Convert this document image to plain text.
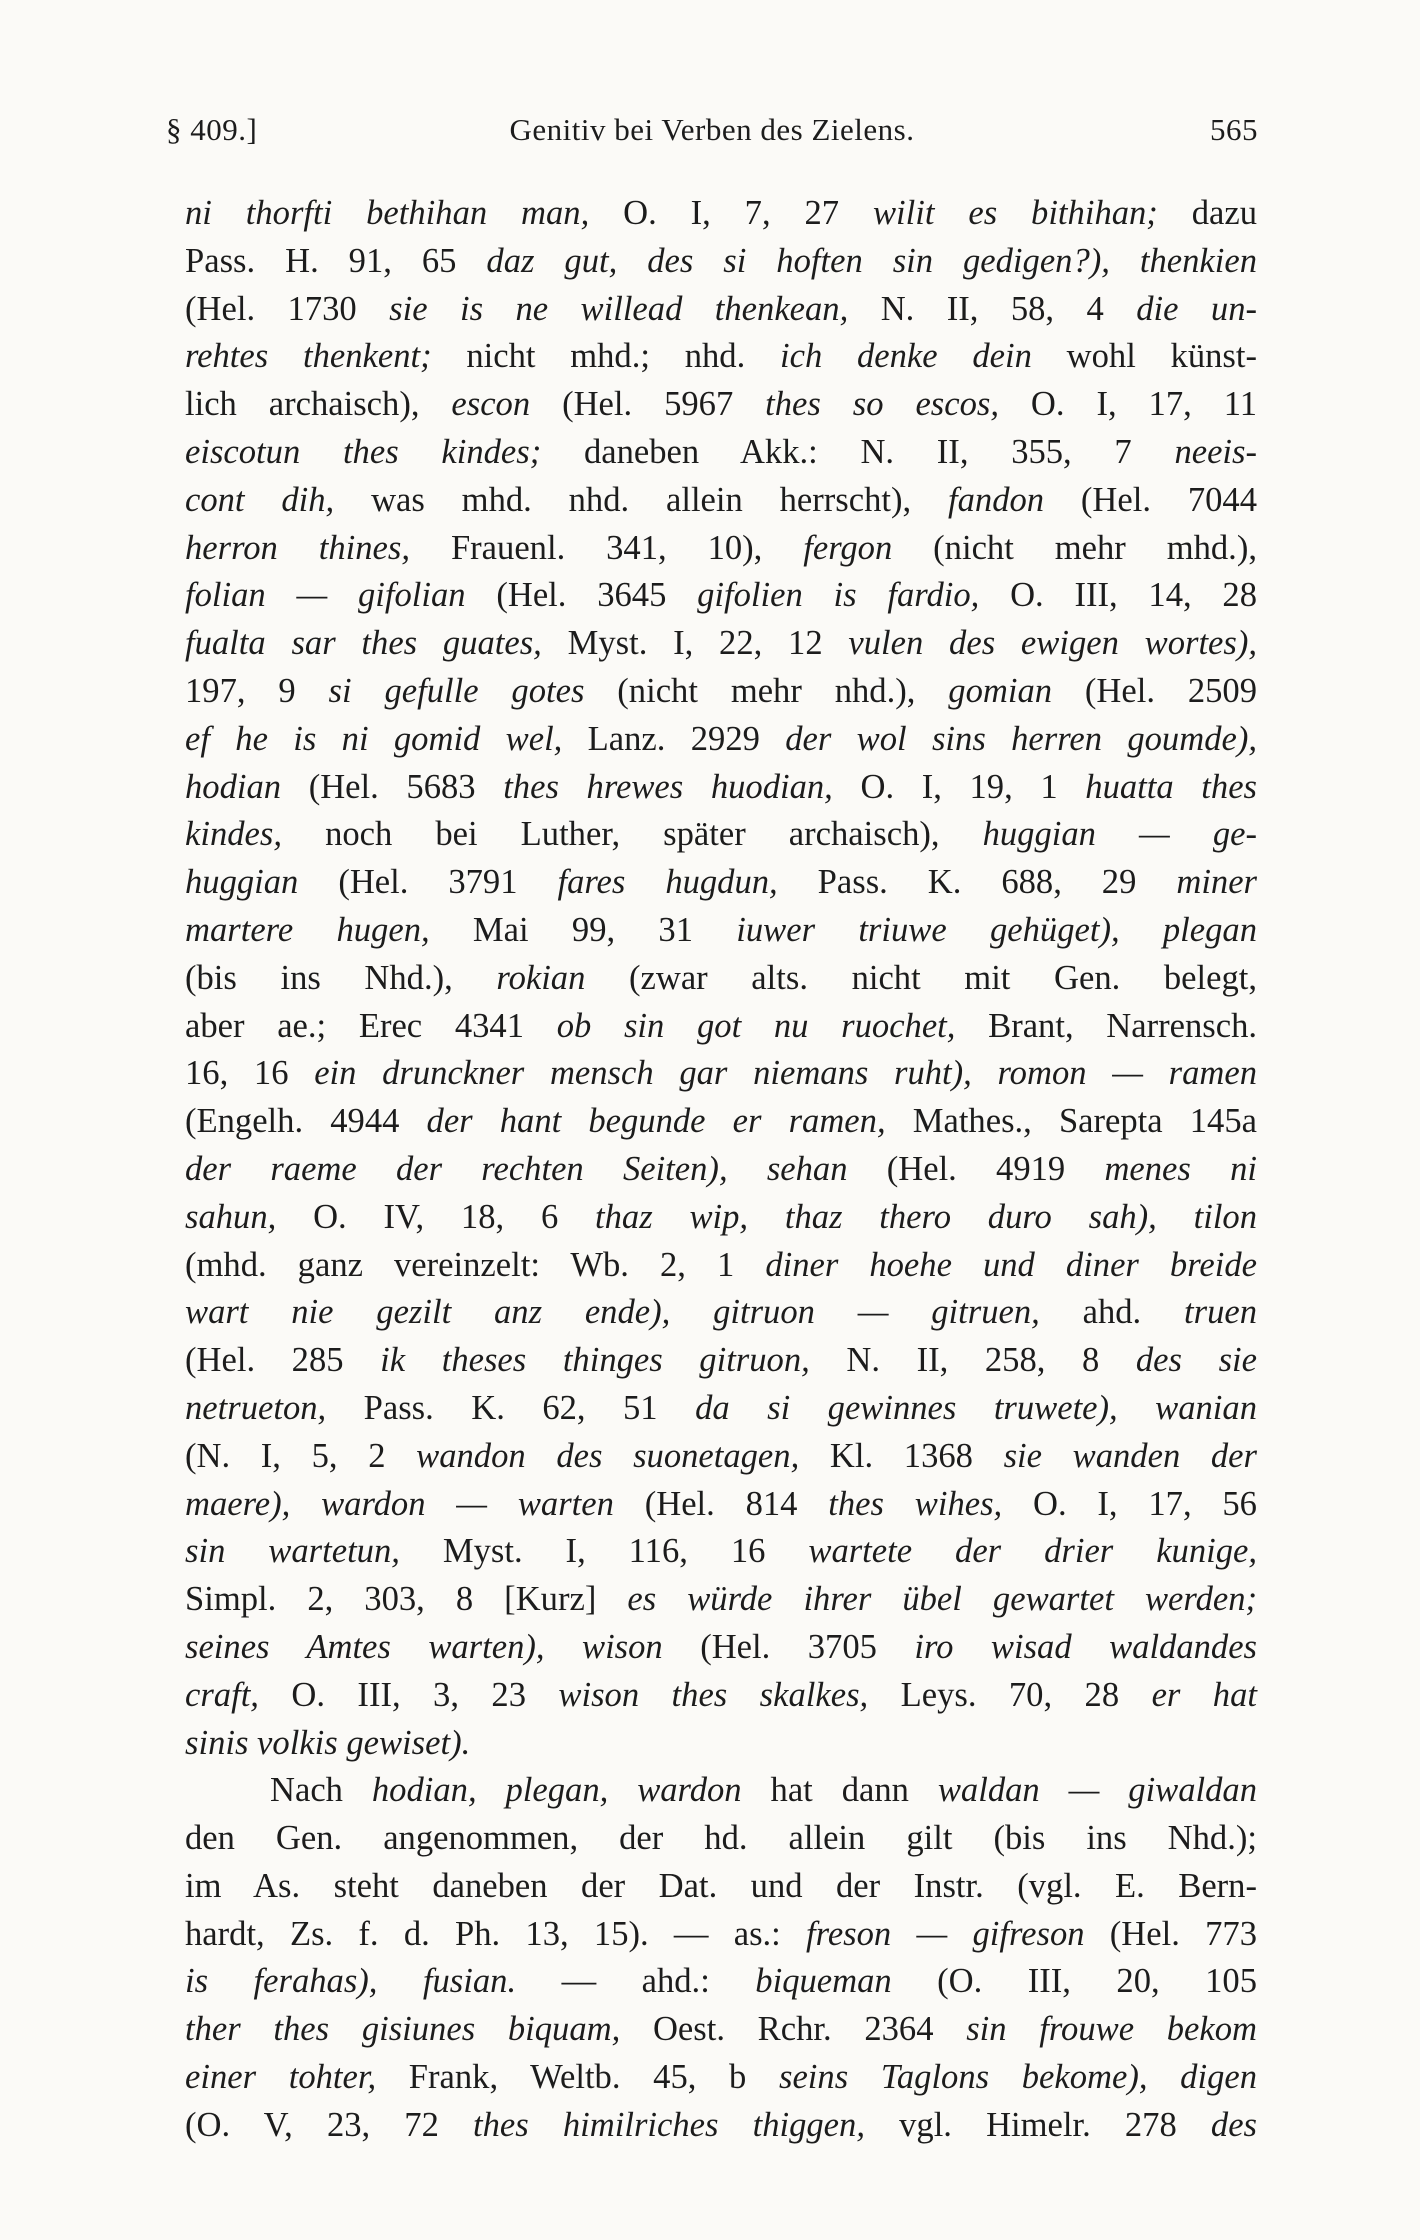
§ 409.]	Genitiv bei Verben des Zielens.	565
ni thorfti bethihan man, O. I, 7, 27 wilit es bithihan; dazu
Pass. H. 91, 65 daz gut, des si hoften sin gedigen?), thenkien
(Hel. 1730 sie is ne willead thenkean, N. II, 58, 4 die un-
rehtes thenkent; nicht mhd.; nhd. ich denke dein wohl künst-
lich archaisch), escon (Hel. 5967 thes so escos, O. I, 17, 11
eiscotun thes kindes; daneben Akk.: N. II, 355, 7 neeis-
cont dih, was mhd. nhd. allein herrscht), fandon (Hel. 7044
herron thines, Frauenl. 341, 10), fergon (nicht mehr mhd.),
folian — gifolian (Hel. 3645 gifolien is fardio, O. III, 14, 28
fualta sar thes guates, Myst. I, 22, 12 vulen des ewigen wortes),
197, 9 si gefulle gotes (nicht mehr nhd.), gomian (Hel. 2509
ef he is ni gomid wel, Lanz. 2929 der wol sins herren goumde),
hodian (Hel. 5683 thes hrewes huodian, O. I, 19, 1 huatta thes
kindes, noch bei Luther, später archaisch), huggian — ge-
huggian (Hel. 3791 fares hugdun, Pass. K. 688, 29 miner
martere hugen, Mai 99, 31 iuwer triuwe gehüget), plegan
(bis ins Nhd.), rokian (zwar alts. nicht mit Gen. belegt,
aber ae.; Erec 4341 ob sin got nu ruochet, Brant, Narrensch.
16, 16 ein drunckner mensch gar niemans ruht), romon — ramen
(Engelh. 4944 der hant begunde er ramen, Mathes., Sarepta 145a
der raeme der rechten Seiten), sehan (Hel. 4919 menes ni
sahun, O. IV, 18, 6 thaz wip, thaz thero duro sah), tilon
(mhd. ganz vereinzelt: Wb. 2, 1 diner hoehe und diner breide
wart nie gezilt anz ende), gitruon — gitruen, ahd. truen
(Hel. 285 ik theses thinges gitruon, N. II, 258, 8 des sie
netrueton, Pass. K. 62, 51 da si gewinnes truwete), wanian
(N. I, 5, 2 wandon des suonetagen, Kl. 1368 sie wanden der
maere), wardon — warten (Hel. 814 thes wihes, O. I, 17, 56
sin wartetun, Myst. I, 116, 16 wartete der drier kunige,
Simpl. 2, 303, 8 [Kurz] es würde ihrer übel gewartet werden;
seines Amtes warten), wison (Hel. 3705 iro wisad waldandes
craft, O. III, 3, 23 wison thes skalkes, Leys. 70, 28 er hat
sinis volkis gewiset).
Nach hodian, plegan, wardon hat dann waldan — giwaldan
den Gen. angenommen, der hd. allein gilt (bis ins Nhd.);
im As. steht daneben der Dat. und der Instr. (vgl. E. Bern-
hardt, Zs. f. d. Ph. 13, 15). — as.: freson — gifreson (Hel. 773
is ferahas), fusian. — ahd.: biqueman (O. III, 20, 105
ther thes gisiunes biquam, Oest. Rchr. 2364 sin frouwe bekom
einer tohter, Frank, Weltb. 45, b seins Taglons bekome), digen
(O. V, 23, 72 thes himilriches thiggen, vgl. Himelr. 278 des
